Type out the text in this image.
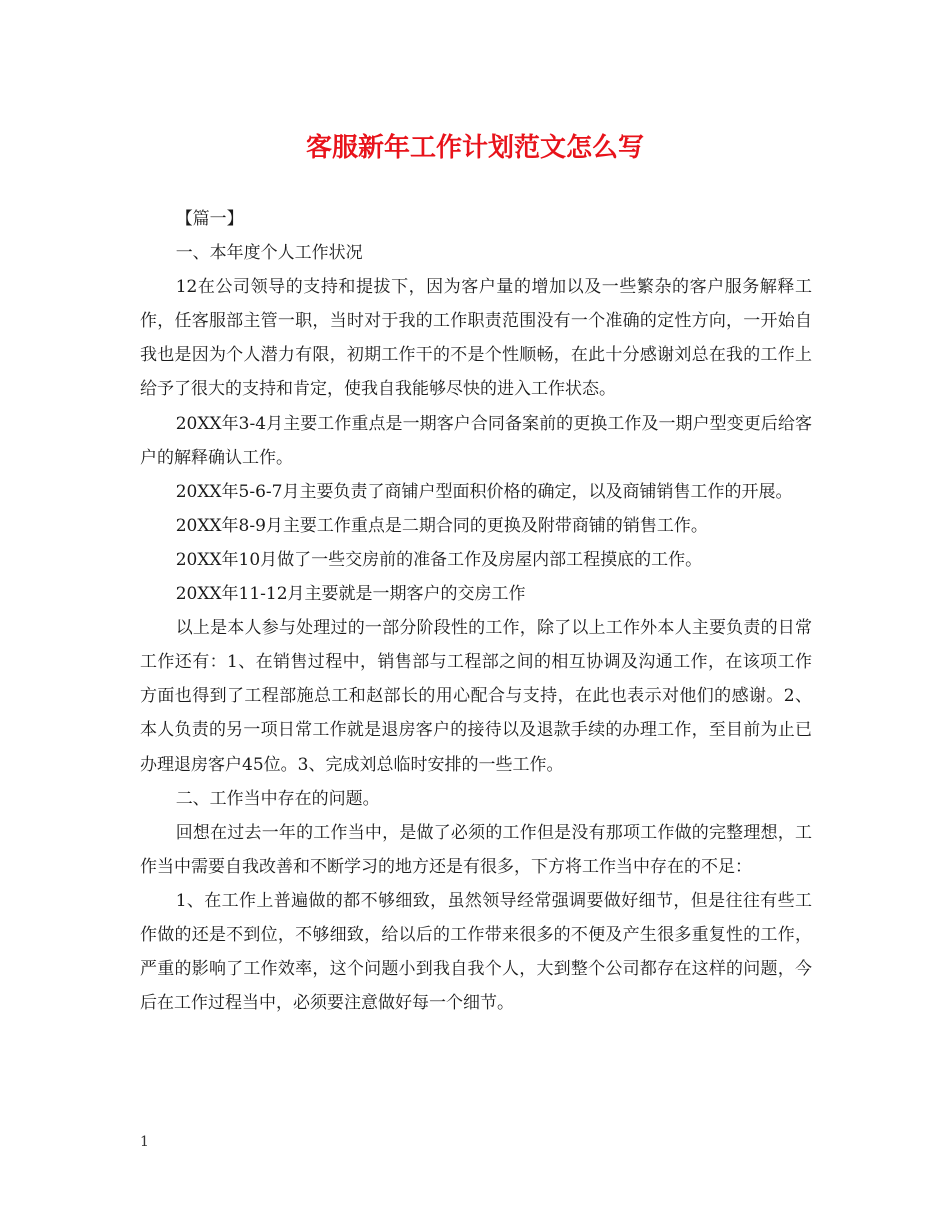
客服新年工作计划范文怎么写

【篇一】

一、本年度个人工作状况

12在公司领导的支持和提拔下，因为客户量的增加以及一些繁杂的客户服务解释工作，任客服部主管一职，当时对于我的工作职责范围没有一个准确的定性方向，一开始自我也是因为个人潜力有限，初期工作干的不是个性顺畅，在此十分感谢刘总在我的工作上给予了很大的支持和肯定，使我自我能够尽快的进入工作状态。

20XX年3-4月主要工作重点是一期客户合同备案前的更换工作及一期户型变更后给客户的解释确认工作。

20XX年5-6-7月主要负责了商铺户型面积价格的确定，以及商铺销售工作的开展。

20XX年8-9月主要工作重点是二期合同的更换及附带商铺的销售工作。

20XX年10月做了一些交房前的准备工作及房屋内部工程摸底的工作。

20XX年11-12月主要就是一期客户的交房工作

以上是本人参与处理过的一部分阶段性的工作，除了以上工作外本人主要负责的日常工作还有：1、在销售过程中，销售部与工程部之间的相互协调及沟通工作，在该项工作方面也得到了工程部施总工和赵部长的用心配合与支持，在此也表示对他们的感谢。2、本人负责的另一项日常工作就是退房客户的接待以及退款手续的办理工作，至目前为止已办理退房客户45位。3、完成刘总临时安排的一些工作。

二、工作当中存在的问题。

回想在过去一年的工作当中，是做了必须的工作但是没有那项工作做的完整理想，工作当中需要自我改善和不断学习的地方还是有很多，下方将工作当中存在的不足：

1、在工作上普遍做的都不够细致，虽然领导经常强调要做好细节，但是往往有些工作做的还是不到位，不够细致，给以后的工作带来很多的不便及产生很多重复性的工作，严重的影响了工作效率，这个问题小到我自我个人，大到整个公司都存在这样的问题，今后在工作过程当中，必须要注意做好每一个细节。

1
